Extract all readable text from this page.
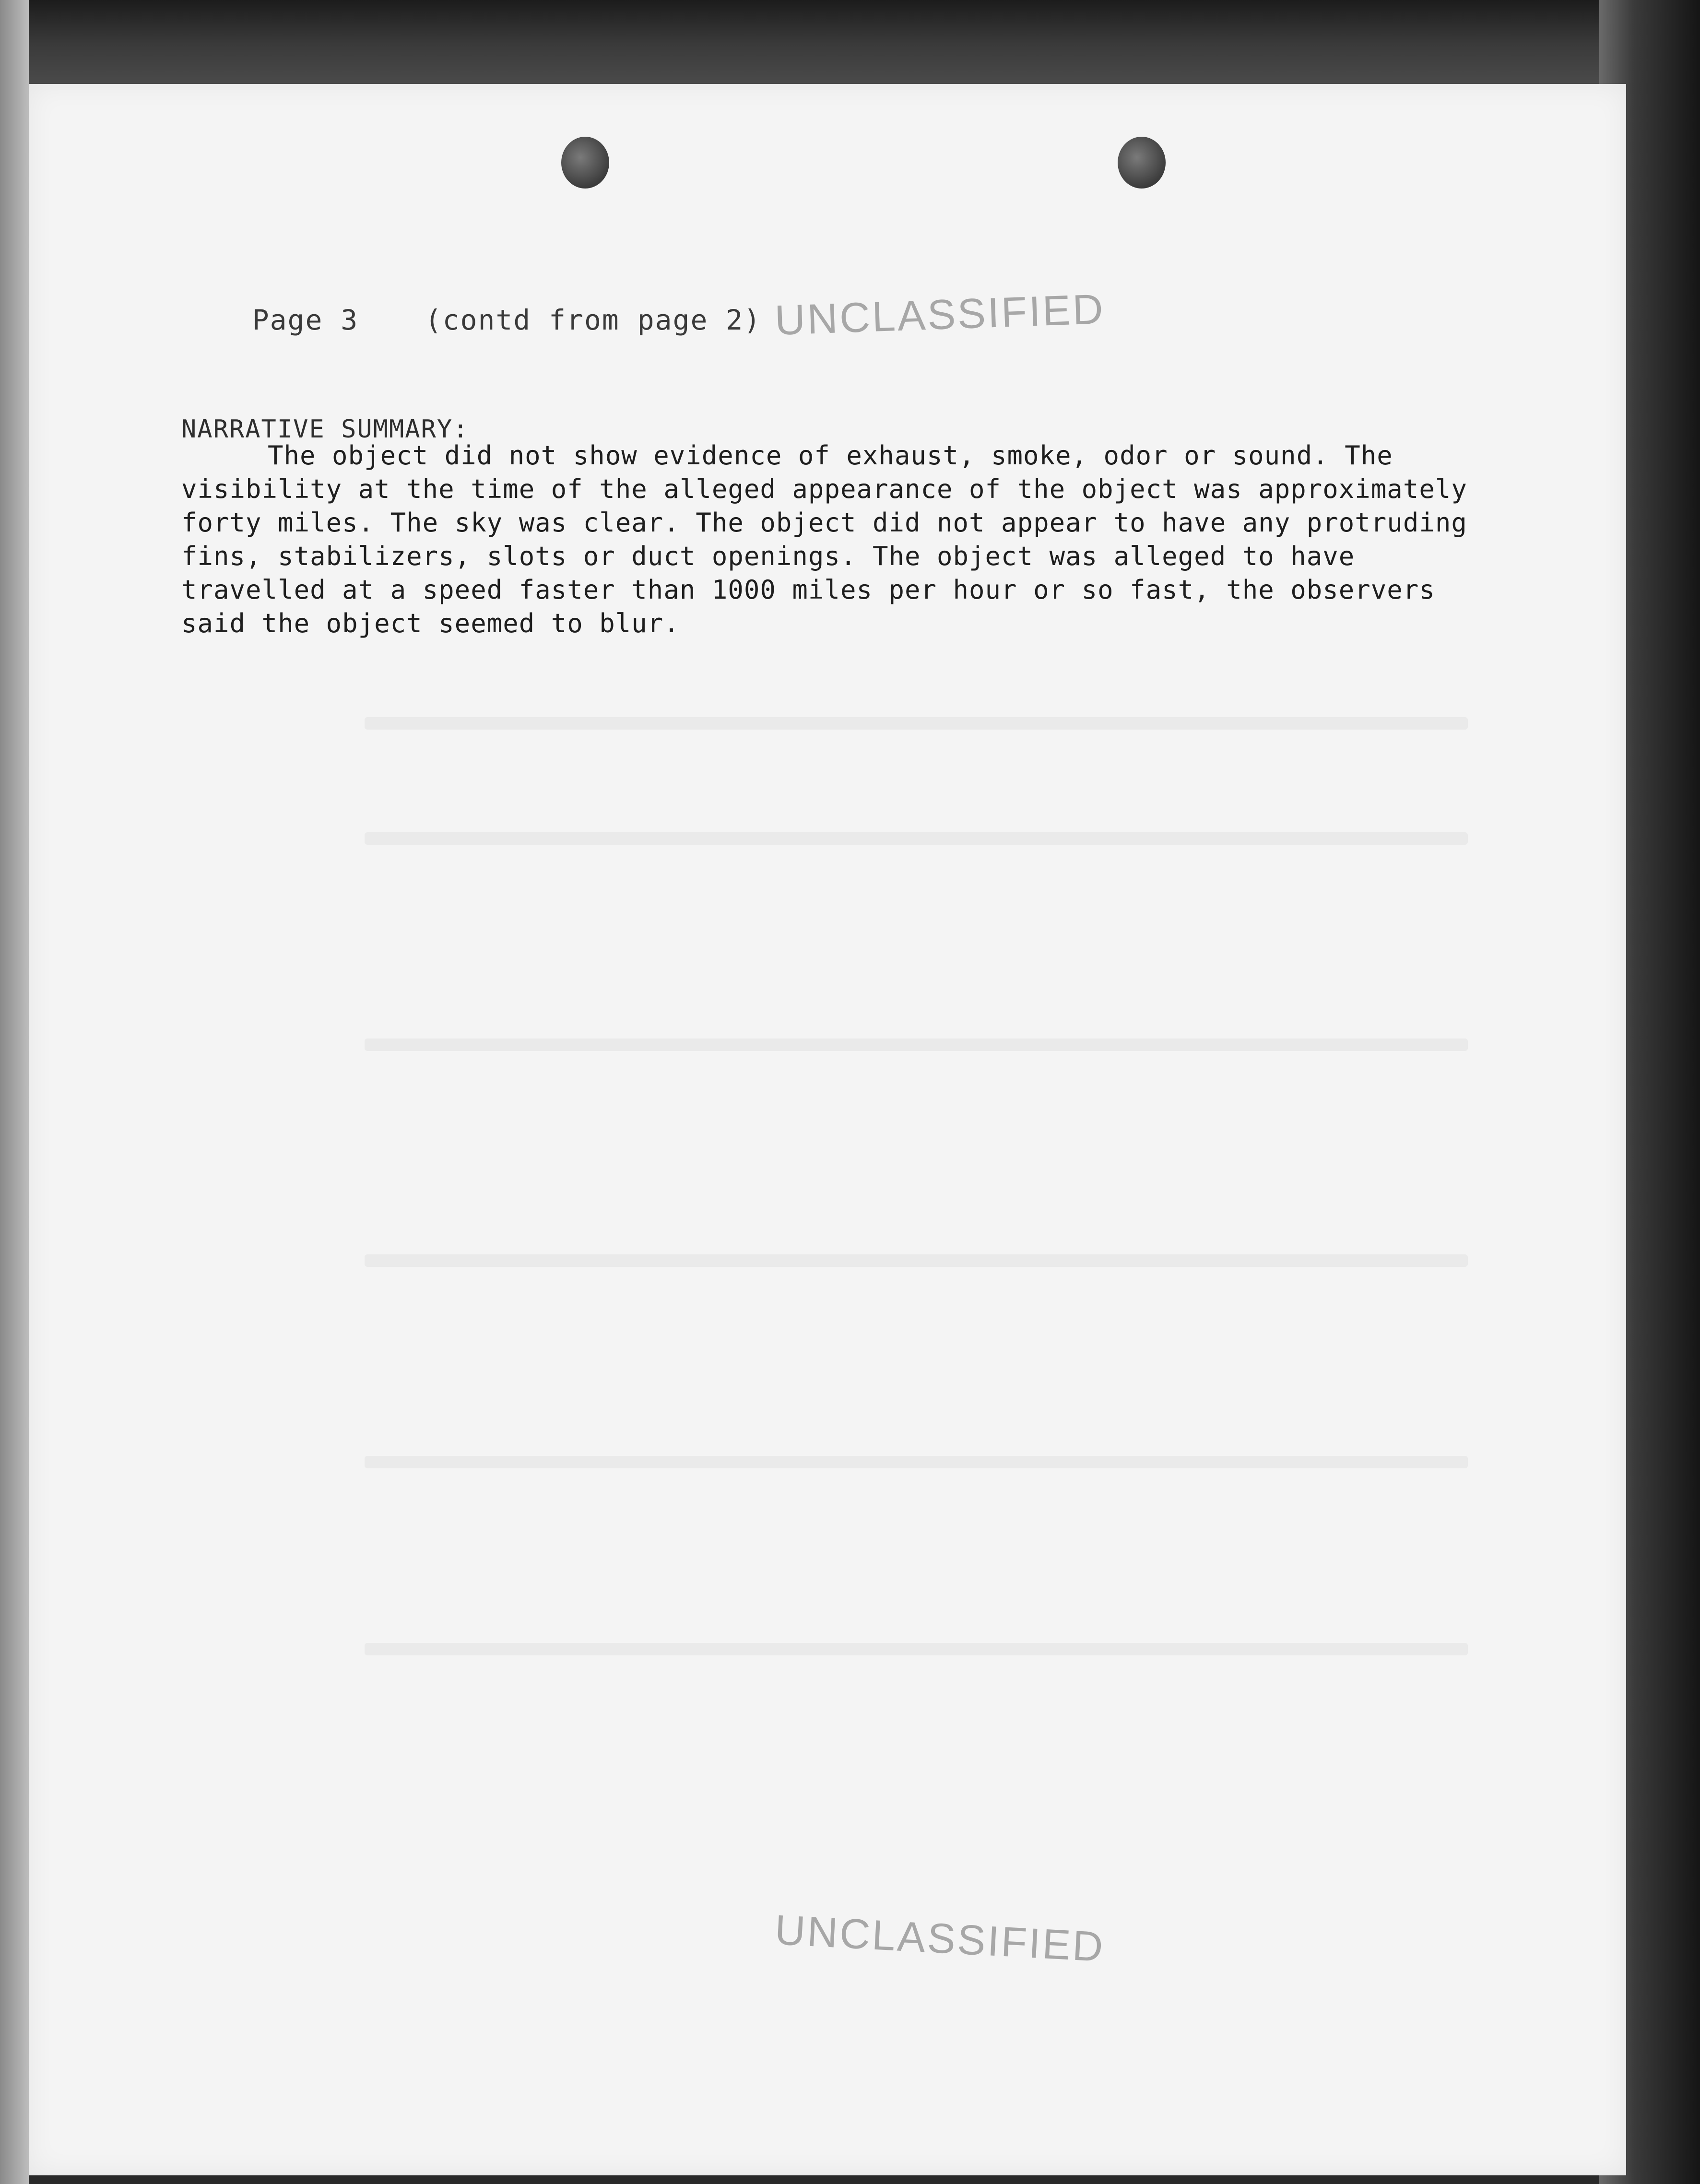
Page 3 (contd from page 2)
UNCLASSIFIED
NARRATIVE SUMMARY:
The object did not show evidence of exhaust, smoke, odor or sound. The
visibility at the time of the alleged appearance of the object was approximately
forty miles. The sky was clear. The object did not appear to have any protruding
fins, stabilizers, slots or duct openings. The object was alleged to have
travelled at a speed faster than 1000 miles per hour or so fast, the observers
said the object seemed to blur.
UNCLASSIFIED
